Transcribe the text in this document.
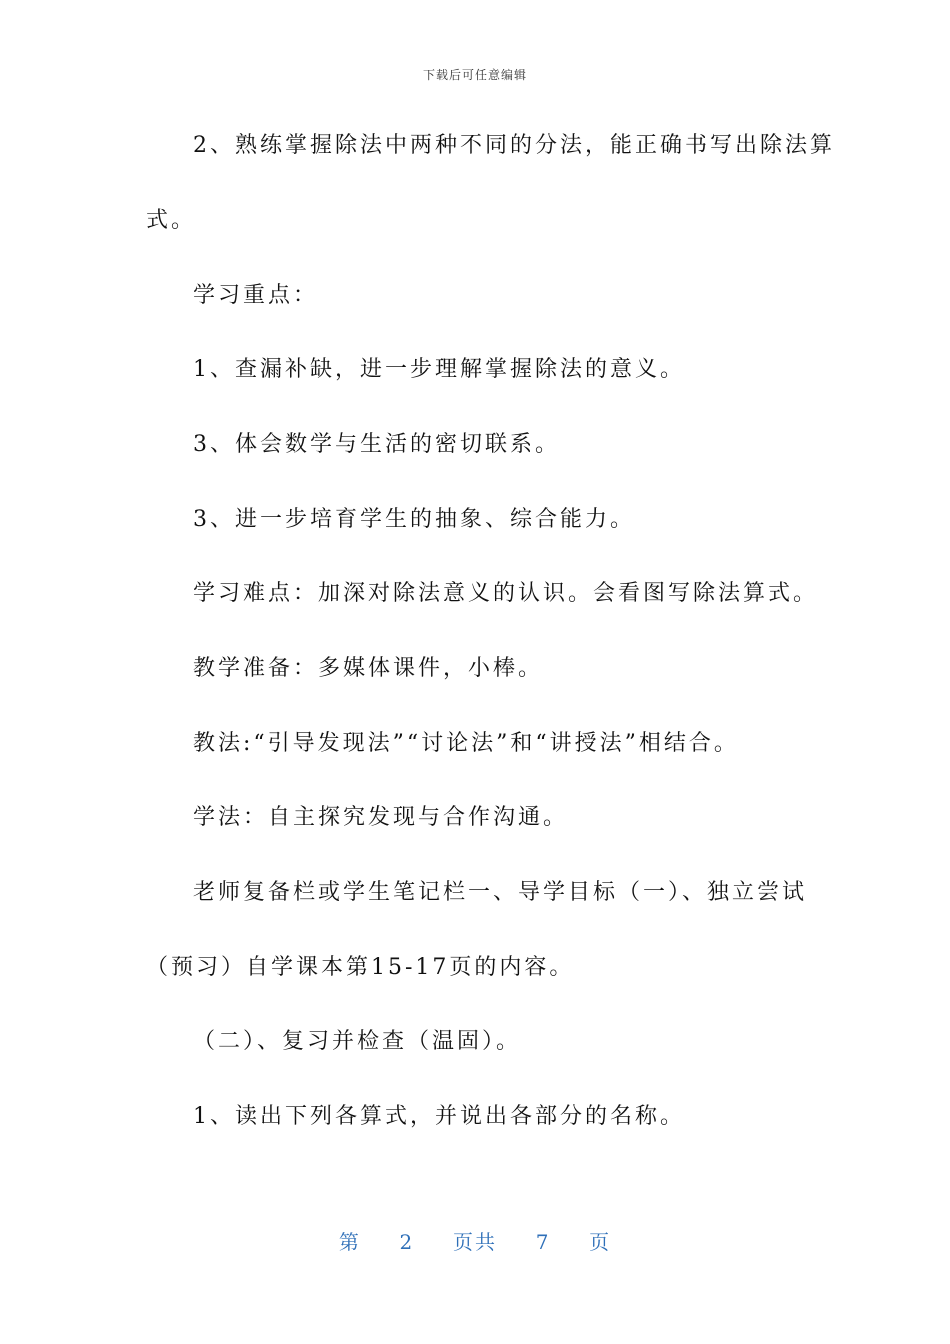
下载后可任意编辑
2、熟练掌握除法中两种不同的分法，能正确书写出除法算
式。
学习重点：
1、查漏补缺，进一步理解掌握除法的意义。
3、体会数学与生活的密切联系。
3、进一步培育学生的抽象、综合能力。
学习难点：加深对除法意义的认识。会看图写除法算式。
教学准备：多媒体课件，小棒。
教法:“引导发现法”“讨论法”和“讲授法”相结合。
学法：自主探究发现与合作沟通。
老师复备栏或学生笔记栏一、导学目标（一）、独立尝试
（预习）自学课本第15-17页的内容。
（二）、复习并检查（温固）。
1、读出下列各算式，并说出各部分的名称。
第 2 页共 7 页
